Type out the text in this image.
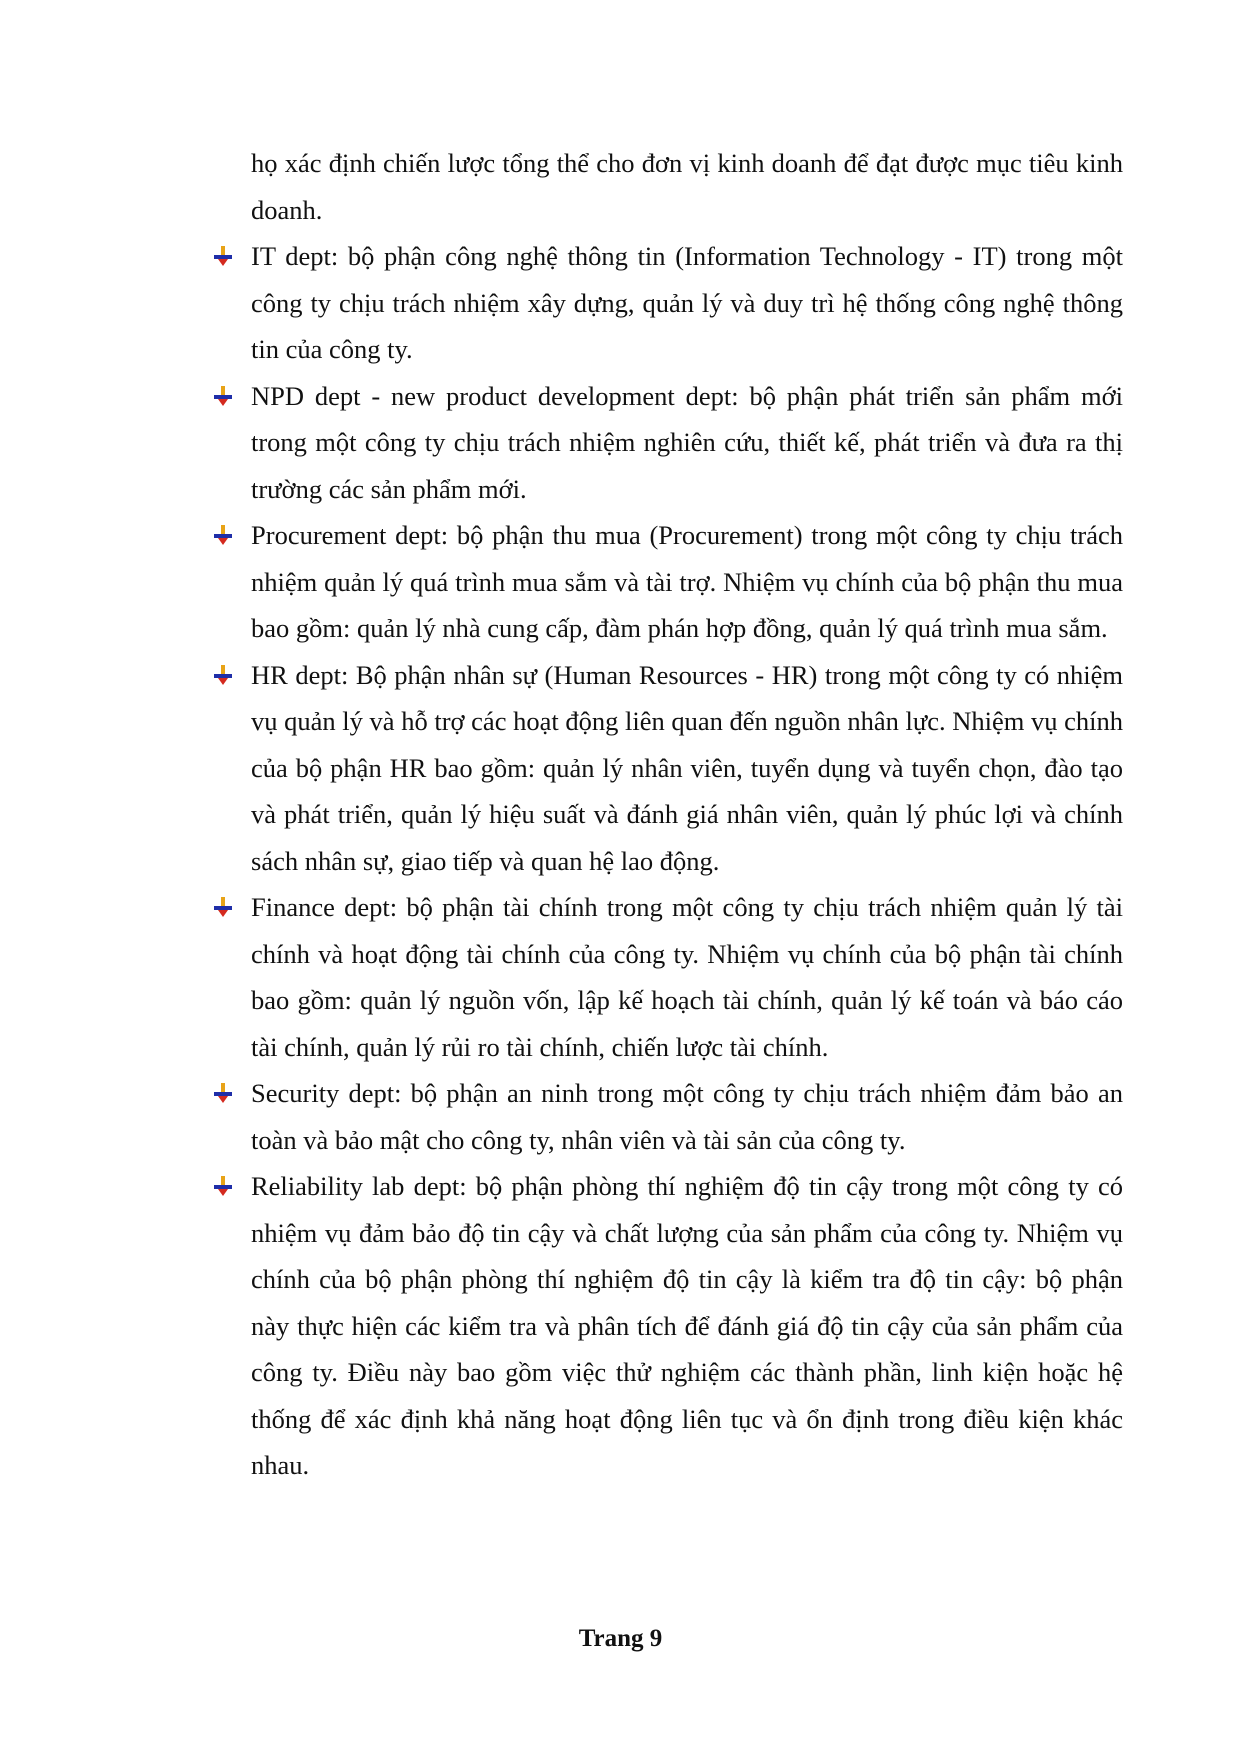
họ xác định chiến lược tổng thể cho đơn vị kinh doanh để đạt được mục tiêu kinh doanh.

IT dept: bộ phận công nghệ thông tin (Information Technology - IT) trong một công ty chịu trách nhiệm xây dựng, quản lý và duy trì hệ thống công nghệ thông tin của công ty.
NPD dept - new product development dept: bộ phận phát triển sản phẩm mới trong một công ty chịu trách nhiệm nghiên cứu, thiết kế, phát triển và đưa ra thị trường các sản phẩm mới.
Procurement dept: bộ phận thu mua (Procurement) trong một công ty chịu trách nhiệm quản lý quá trình mua sắm và tài trợ. Nhiệm vụ chính của bộ phận thu mua bao gồm: quản lý nhà cung cấp, đàm phán hợp đồng, quản lý quá trình mua sắm.
HR dept: Bộ phận nhân sự (Human Resources - HR) trong một công ty có nhiệm vụ quản lý và hỗ trợ các hoạt động liên quan đến nguồn nhân lực. Nhiệm vụ chính của bộ phận HR bao gồm: quản lý nhân viên, tuyển dụng và tuyển chọn, đào tạo và phát triển, quản lý hiệu suất và đánh giá nhân viên, quản lý phúc lợi và chính sách nhân sự, giao tiếp và quan hệ lao động.
Finance dept: bộ phận tài chính trong một công ty chịu trách nhiệm quản lý tài chính và hoạt động tài chính của công ty. Nhiệm vụ chính của bộ phận tài chính bao gồm: quản lý nguồn vốn, lập kế hoạch tài chính, quản lý kế toán và báo cáo tài chính, quản lý rủi ro tài chính, chiến lược tài chính.
Security dept: bộ phận an ninh trong một công ty chịu trách nhiệm đảm bảo an toàn và bảo mật cho công ty, nhân viên và tài sản của công ty.
Reliability lab dept: bộ phận phòng thí nghiệm độ tin cậy trong một công ty có nhiệm vụ đảm bảo độ tin cậy và chất lượng của sản phẩm của công ty. Nhiệm vụ chính của bộ phận phòng thí nghiệm độ tin cậy là kiểm tra độ tin cậy: bộ phận này thực hiện các kiểm tra và phân tích để đánh giá độ tin cậy của sản phẩm của công ty. Điều này bao gồm việc thử nghiệm các thành phần, linh kiện hoặc hệ thống để xác định khả năng hoạt động liên tục và ổn định trong điều kiện khác nhau.
Trang 9
